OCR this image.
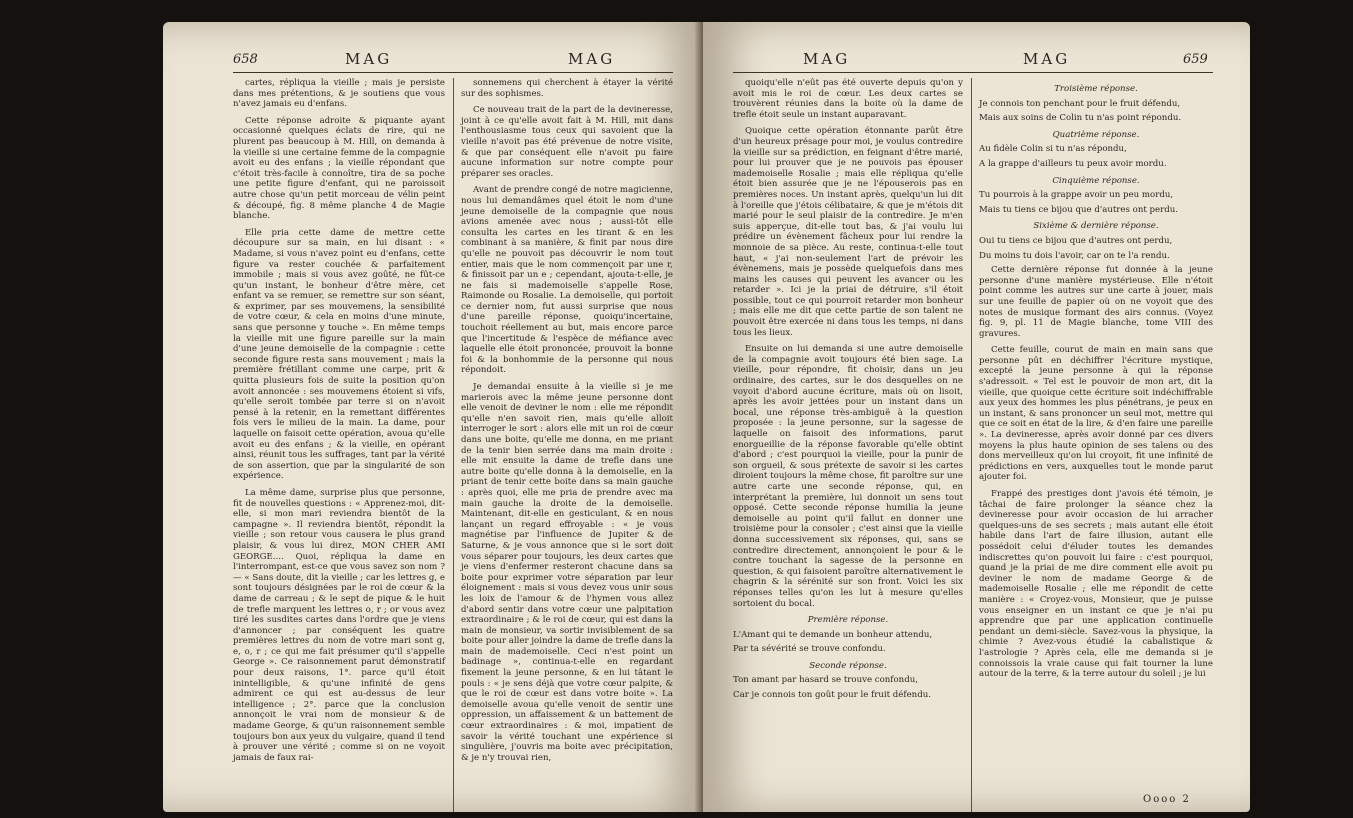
658	MAG	MAG

cartes, répliqua la vieille ; mais je persiste dans mes prétentions, & je soutiens que vous n'avez jamais eu d'enfans.

Cette réponse adroite & piquante ayant occasionné quelques éclats de rire, qui ne plurent pas beaucoup à M. Hill, on demanda à la vieille si une certaine femme de la compagnie avoit eu des enfans ; la vieille répondant que c'étoit très-facile à connoître, tira de sa poche une petite figure d'enfant, qui ne paroissoit autre chose qu'un petit morceau de vélin peint & découpé, fig. 8 même planche 4 de Magie blanche.

Elle pria cette dame de mettre cette découpure sur sa main, en lui disant : « Madame, si vous n'avez point eu d'enfans, cette figure va rester couchée & parfaitement immobile ; mais si vous avez goûté, ne fût-ce qu'un instant, le bonheur d'être mère, cet enfant va se remuer, se remettre sur son séant, & exprimer, par ses mouvemens, la sensibilité de votre cœur, & cela en moins d'une minute, sans que personne y touche ». En même temps la vieille mit une figure pareille sur la main d'une jeune demoiselle de la compagnie : cette seconde figure resta sans mouvement ; mais la première frétillant comme une carpe, prit & quitta plusieurs fois de suite la position qu'on avoit annoncée : ses mouvemens étoient si vifs, qu'elle seroit tombée par terre si on n'avoit pensé à la retenir, en la remettant différentes fois vers le milieu de la main. La dame, pour laquelle on faisoit cette opération, avoua qu'elle avoit eu des enfans ; & la vieille, en opérant ainsi, réunit tous les suffrages, tant par la vérité de son assertion, que par la singularité de son expérience.

La même dame, surprise plus que personne, fit de nouvelles questions : « Apprenez-moi, dit-elle, si mon mari reviendra bientôt de la campagne ». Il reviendra bientôt, répondit la vieille ; son retour vous causera le plus grand plaisir, & vous lui direz, MON CHER AMI GEORGE.... Quoi, répliqua la dame en l'interrompant, est-ce que vous savez son nom ? — « Sans doute, dit la vieille ; car les lettres g, e sont toujours désignées par le roi de cœur & la dame de carreau ; & le sept de pique & le huit de trefle marquent les lettres o, r ; or vous avez tiré les susdites cartes dans l'ordre que je viens d'annoncer ; par conséquent les quatre premières lettres du nom de votre mari sont g, e, o, r ; ce qui me fait présumer qu'il s'appelle George ». Ce raisonnement parut démonstratif pour deux raisons, 1°. parce qu'il étoit inintelligible, & qu'une infinité de gens admirent ce qui est au-dessus de leur intelligence ; 2°. parce que la conclusion annonçoit le vrai nom de monsieur & de madame George, & qu'un raisonnement semble toujours bon aux yeux du vulgaire, quand il tend à prouver une vérité ; comme si on ne voyoit jamais de faux rai-

sonnemens qui cherchent à étayer la vérité sur des sophismes.

Ce nouveau trait de la part de la devineresse, joint à ce qu'elle avoit fait à M. Hill, mit dans l'enthousiasme tous ceux qui savoient que la vieille n'avoit pas été prévenue de notre visite, & que par conséquent elle n'avoit pu faire aucune information sur notre compte pour préparer ses oracles.

Avant de prendre congé de notre magicienne, nous lui demandâmes quel étoit le nom d'une jeune demoiselle de la compagnie que nous avions amenée avec nous ; aussi-tôt elle consulta les cartes en les tirant & en les combinant à sa manière, & finit par nous dire qu'elle ne pouvoit pas découvrir le nom tout entier, mais que le nom commençoit par une r, & finissoit par un e ; cependant, ajouta-t-elle, je ne fais si mademoiselle s'appelle Rose, Raimonde ou Rosalie. La demoiselle, qui portoit ce dernier nom, fut aussi surprise que nous d'une pareille réponse, quoiqu'incertaine, touchoit réellement au but, mais encore parce que l'incertitude & l'espèce de méfiance avec laquelle elle étoit prononcée, prouvoit la bonne foi & la bonhommie de la personne qui nous répondoit.

Je demandai ensuite à la vieille si je me marierois avec la même jeune personne dont elle venoit de deviner le nom : elle me répondit qu'elle n'en savoit rien, mais qu'elle alloit interroger le sort : alors elle mit un roi de cœur dans une boite, qu'elle me donna, en me priant de la tenir bien serrée dans ma main droite : elle mit ensuite la dame de trefle dans une autre boite qu'elle donna à la demoiselle, en la priant de tenir cette boite dans sa main gauche : après quoi, elle me pria de prendre avec ma main gauche la droite de la demoiselle. Maintenant, dit-elle en gesticulant, & en nous lançant un regard effroyable : « je vous magnétise par l'influence de Jupiter & de Saturne, & je vous annonce que si le sort doit vous séparer pour toujours, les deux cartes que je viens d'enfermer resteront chacune dans sa boite pour exprimer votre séparation par leur éloignement : mais si vous devez vous unir sous les loix de l'amour & de l'hymen vous allez d'abord sentir dans votre cœur une palpitation extraordinaire ; & le roi de cœur, qui est dans la main de monsieur, va sortir invisiblement de sa boite pour aller joindre la dame de trefle dans la main de mademoiselle. Ceci n'est point un badinage », continua-t-elle en regardant fixement la jeune personne, & en lui tâtant le pouls : « je sens déjà que votre cœur palpite, & que le roi de cœur est dans votre boite ». La demoiselle avoua qu'elle venoit de sentir une oppression, un affaissement & un battement de cœur extraordinaires : & moi, impatient de savoir la vérité touchant une expérience si singulière, j'ouvris ma boite avec précipitation, & je n'y trouvai rien,

MAG	MAG	659

quoiqu'elle n'eût pas été ouverte depuis qu'on y avoit mis le roi de cœur. Les deux cartes se trouvèrent réunies dans la boite où la dame de trefle étoit seule un instant auparavant.

Quoique cette opération étonnante parût être d'un heureux présage pour moi, je voulus contredire la vieille sur sa prédiction, en feignant d'être marié, pour lui prouver que je ne pouvois pas épouser mademoiselle Rosalie ; mais elle répliqua qu'elle étoit bien assurée que je ne l'épouserois pas en premières noces. Un instant après, quelqu'un lui dit à l'oreille que j'étois célibataire, & que je m'étois dit marié pour le seul plaisir de la contredire. Je m'en suis apperçue, dit-elle tout bas, & j'ai voulu lui prédire un évènement fâcheux pour lui rendre la monnoie de sa pièce. Au reste, continua-t-elle tout haut, « j'ai non-seulement l'art de prévoir les évènemens, mais je possède quelquefois dans mes mains les causes qui peuvent les avancer ou les retarder ». Ici je la priai de détruire, s'il étoit possible, tout ce qui pourroit retarder mon bonheur ; mais elle me dit que cette partie de son talent ne pouvoit être exercée ni dans tous les temps, ni dans tous les lieux.

Ensuite on lui demanda si une autre demoiselle de la compagnie avoit toujours été bien sage. La vieille, pour répondre, fit choisir, dans un jeu ordinaire, des cartes, sur le dos desquelles on ne voyoit d'abord aucune écriture, mais où on lisoit, après les avoir jettées pour un instant dans un bocal, une réponse très-ambiguë à la question proposée : la jeune personne, sur la sagesse de laquelle on faisoit des informations, parut enorgueillie de la réponse favorable qu'elle obtint d'abord ; c'est pourquoi la vieille, pour la punir de son orgueil, & sous prétexte de savoir si les cartes diroient toujours la même chose, fit paroître sur une autre carte une seconde réponse, qui, en interprétant la première, lui donnoit un sens tout opposé. Cette seconde réponse humilia la jeune demoiselle au point qu'il fallut en donner une troisième pour la consoler ; c'est ainsi que la vieille donna successivement six réponses, qui, sans se contredire directement, annonçoient le pour & le contre touchant la sagesse de la personne en question, & qui faisoient paroître alternativement le chagrin & la sérénité sur son front. Voici les six réponses telles qu'on les lut à mesure qu'elles sortoient du bocal.

Première réponse.

L'Amant qui te demande un bonheur attendu,

Par ta sévérité se trouve confondu.

Seconde réponse.

Ton amant par hasard se trouve confondu,

Car je connois ton goût pour le fruit défendu.

Troisième réponse.

Je connois ton penchant pour le fruit défendu,

Mais aux soins de Colin tu n'as point répondu.

Quatrième réponse.

Au fidèle Colin si tu n'as répondu,

A la grappe d'ailleurs tu peux avoir mordu.

Cinquième réponse.

Tu pourrois à la grappe avoir un peu mordu,

Mais tu tiens ce bijou que d'autres ont perdu.

Sixième & dernière réponse.

Oui tu tiens ce bijou que d'autres ont perdu,

Du moins tu dois l'avoir, car on te l'a rendu.

Cette dernière réponse fut donnée à la jeune personne d'une manière mystérieuse. Elle n'étoit point comme les autres sur une carte à jouer, mais sur une feuille de papier où on ne voyoit que des notes de musique formant des airs connus. (Voyez fig. 9, pl. 11 de Magie blanche, tome VIII des gravures.

Cette feuille, courut de main en main sans que personne pût en déchiffrer l'écriture mystique, excepté la jeune personne à qui la réponse s'adressoit. « Tel est le pouvoir de mon art, dit la vieille, que quoique cette écriture soit indéchiffrable aux yeux des hommes les plus pénétrans, je peux en un instant, & sans prononcer un seul mot, mettre qui que ce soit en état de la lire, & d'en faire une pareille ». La devineresse, après avoir donné par ces divers moyens la plus haute opinion de ses talens ou des dons merveilleux qu'on lui croyoit, fit une infinité de prédictions en vers, auxquelles tout le monde parut ajouter foi.

Frappé des prestiges dont j'avois été témoin, je tâchai de faire prolonger la séance chez la devineresse pour avoir occasion de lui arracher quelques-uns de ses secrets ; mais autant elle étoit habile dans l'art de faire illusion, autant elle possédoit celui d'éluder toutes les demandes indiscrettes qu'on pouvoit lui faire : c'est pourquoi, quand je la priai de me dire comment elle avoit pu deviner le nom de madame George & de mademoiselle Rosalie ; elle me répondit de cette manière : « Croyez-vous, Monsieur, que je puisse vous enseigner en un instant ce que je n'ai pu apprendre que par une application continuelle pendant un demi-siècle. Savez-vous la physique, la chimie ? Avez-vous étudié la cabalistique & l'astrologie ? Après cela, elle me demanda si je connoissois la vraie cause qui fait tourner la lune autour de la terre, & la terre autour du soleil ; je lui

Oooo 2
